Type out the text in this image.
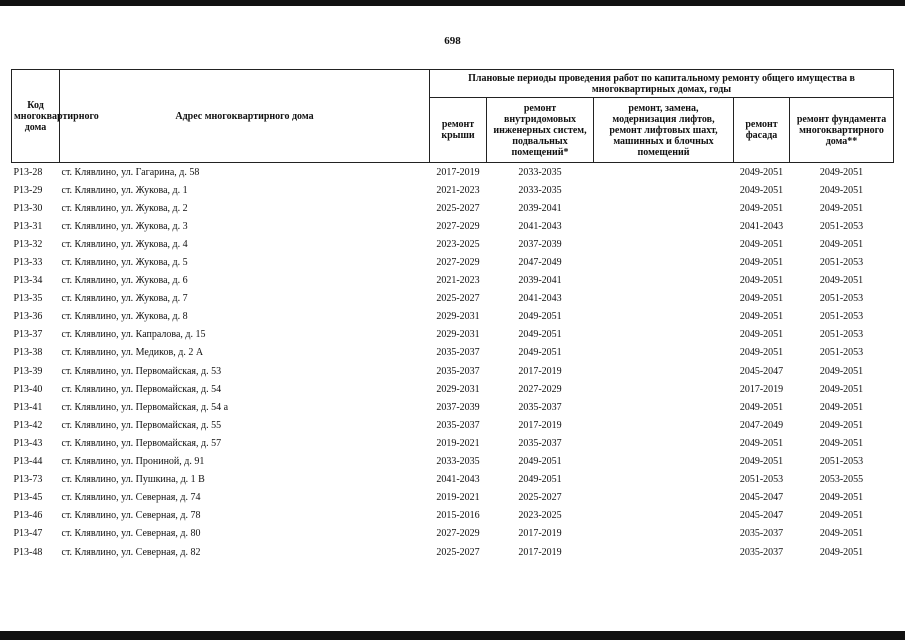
698
Код многоквартирного дома	Адрес многоквартирного дома	Плановые периоды проведения работ по капитальному ремонту общего имущества в многоквартирных домах, годы				
		ремонт крыши	ремонт внутридомовых инженерных систем, подвальных помещений*	ремонт, замена, модернизация лифтов, ремонт лифтовых шахт, машинных и блочных помещений	ремонт фасада	ремонт фундамента многоквартирного дома**
Р13-28	ст. Клявлино, ул. Гагарина, д. 58	2017-2019	2033-2035		2049-2051	2049-2051
Р13-29	ст. Клявлино, ул. Жукова, д. 1	2021-2023	2033-2035		2049-2051	2049-2051
Р13-30	ст. Клявлино, ул. Жукова, д. 2	2025-2027	2039-2041		2049-2051	2049-2051
Р13-31	ст. Клявлино, ул. Жукова, д. 3	2027-2029	2041-2043		2041-2043	2051-2053
Р13-32	ст. Клявлино, ул. Жукова, д. 4	2023-2025	2037-2039		2049-2051	2049-2051
Р13-33	ст. Клявлино, ул. Жукова, д. 5	2027-2029	2047-2049		2049-2051	2051-2053
Р13-34	ст. Клявлино, ул. Жукова, д. 6	2021-2023	2039-2041		2049-2051	2049-2051
Р13-35	ст. Клявлино, ул. Жукова, д. 7	2025-2027	2041-2043		2049-2051	2051-2053
Р13-36	ст. Клявлино, ул. Жукова, д. 8	2029-2031	2049-2051		2049-2051	2051-2053
Р13-37	ст. Клявлино, ул. Капралова, д. 15	2029-2031	2049-2051		2049-2051	2051-2053
Р13-38	ст. Клявлино, ул. Медиков, д. 2 А	2035-2037	2049-2051		2049-2051	2051-2053
Р13-39	ст. Клявлино, ул. Первомайская, д. 53	2035-2037	2017-2019		2045-2047	2049-2051
Р13-40	ст. Клявлино, ул. Первомайская, д. 54	2029-2031	2027-2029		2017-2019	2049-2051
Р13-41	ст. Клявлино, ул. Первомайская, д. 54 а	2037-2039	2035-2037		2049-2051	2049-2051
Р13-42	ст. Клявлино, ул. Первомайская, д. 55	2035-2037	2017-2019		2047-2049	2049-2051
Р13-43	ст. Клявлино, ул. Первомайская, д. 57	2019-2021	2035-2037		2049-2051	2049-2051
Р13-44	ст. Клявлино, ул. Прониной, д. 91	2033-2035	2049-2051		2049-2051	2051-2053
Р13-73	ст. Клявлино, ул. Пушкина, д. 1 В	2041-2043	2049-2051		2051-2053	2053-2055
Р13-45	ст. Клявлино, ул. Северная, д. 74	2019-2021	2025-2027		2045-2047	2049-2051
Р13-46	ст. Клявлино, ул. Северная, д. 78	2015-2016	2023-2025		2045-2047	2049-2051
Р13-47	ст. Клявлино, ул. Северная, д. 80	2027-2029	2017-2019		2035-2037	2049-2051
Р13-48	ст. Клявлино, ул. Северная, д. 82	2025-2027	2017-2019		2035-2037	2049-2051
